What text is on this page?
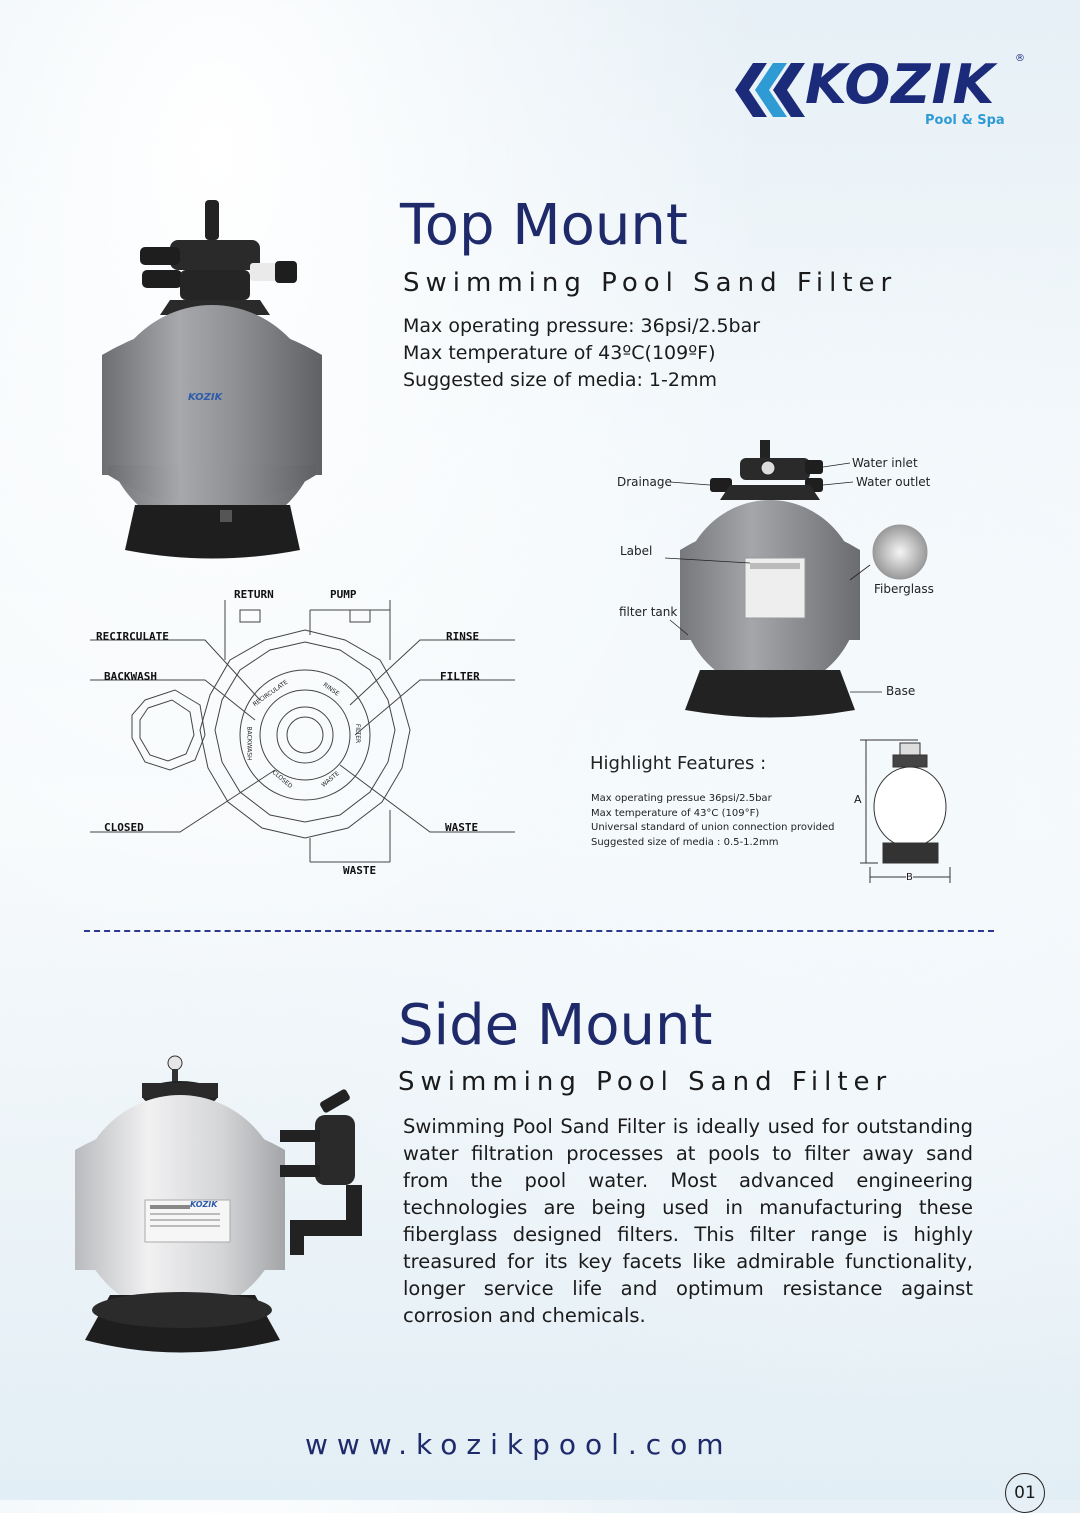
KOZIK ®
Pool & Spa
KOZIK
Top Mount
Swimming Pool Sand Filter
Max operating pressure: 36psi/2.5bar
Max temperature of 43ºC(109ºF)
Suggested size of media: 1-2mm
RETURN	PUMP
RECIRCULATE	RINSE
BACKWASH	FILTER
CLOSED	WASTE
WASTE
RECIRCULATE	RINSE
BACKWASH	FILTER
CLOSED	WASTE
Water inlet
Water outlet
Drainage
Label
Fiberglass
filter tank
Base
Highlight Features :
Max operating pressue 36psi/2.5bar
Max temperature of 43°C (109°F)
Universal standard of union connection provided
Suggested size of media : 0.5-1.2mm
A
B
Side Mount
Swimming Pool Sand Filter
Swimming Pool Sand Filter is ideally used for outstanding water filtration processes at pools to filter away sand from the pool water. Most advanced engineering technologies are being used in manufacturing these fiberglass designed filters. This filter range is highly treasured for its key facets like admirable functionality, longer service life and optimum resistance against corrosion and chemicals.
KOZIK
www.kozikpool.com
01
